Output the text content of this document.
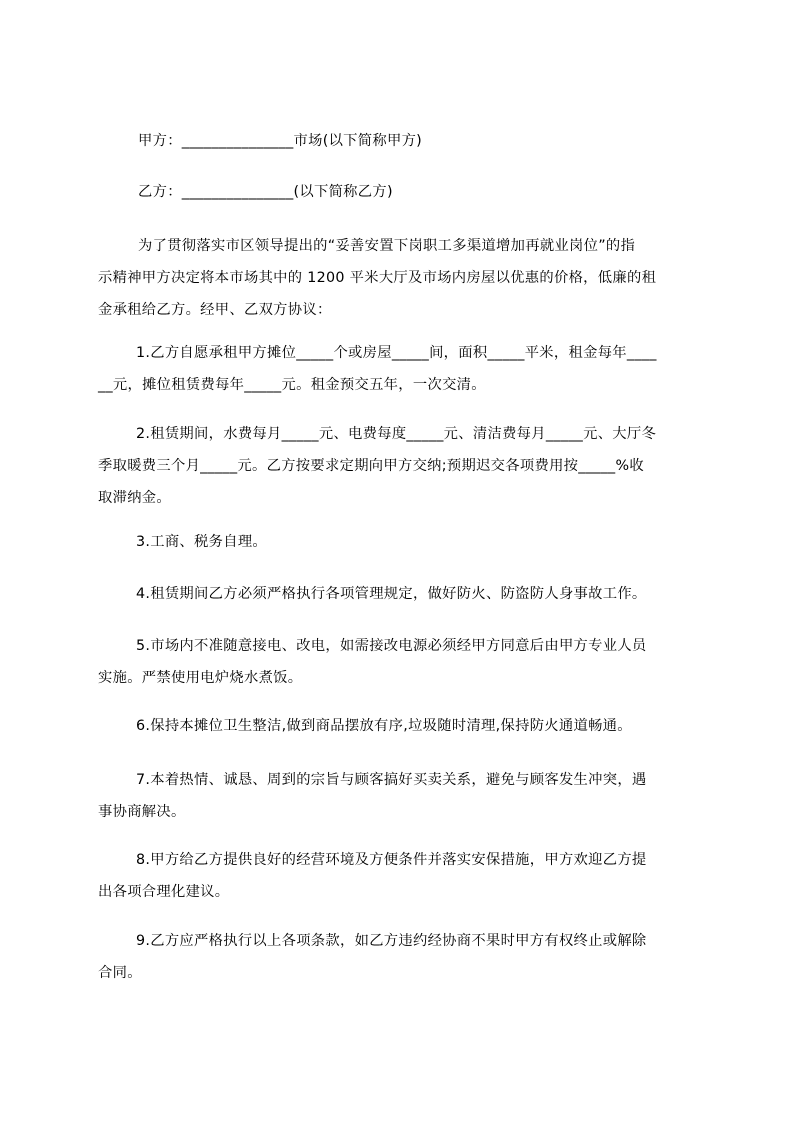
甲方：_______________市场(以下简称甲方)
乙方：_______________(以下简称乙方)
为了贯彻落实市区领导提出的“妥善安置下岗职工多渠道增加再就业岗位”的指
示精神甲方决定将本市场其中的 1200 平米大厅及市场内房屋以优惠的价格，低廉的租
金承租给乙方。经甲、乙双方协议：
1.乙方自愿承租甲方摊位_____个或房屋_____间，面积_____平米，租金每年____
__元，摊位租赁费每年_____元。租金预交五年，一次交清。
2.租赁期间，水费每月_____元、电费每度_____元、清洁费每月_____元、大厅冬
季取暖费三个月_____元。乙方按要求定期向甲方交纳;预期迟交各项费用按_____%收
取滞纳金。
3.工商、税务自理。
4.租赁期间乙方必须严格执行各项管理规定，做好防火、防盗防人身事故工作。
5.市场内不准随意接电、改电，如需接改电源必须经甲方同意后由甲方专业人员
实施。严禁使用电炉烧水煮饭。
6.保持本摊位卫生整洁,做到商品摆放有序,垃圾随时清理,保持防火通道畅通。
7.本着热情、诚恳、周到的宗旨与顾客搞好买卖关系，避免与顾客发生冲突，遇
事协商解决。
8.甲方给乙方提供良好的经营环境及方便条件并落实安保措施，甲方欢迎乙方提
出各项合理化建议。
9.乙方应严格执行以上各项条款，如乙方违约经协商不果时甲方有权终止或解除
合同。
